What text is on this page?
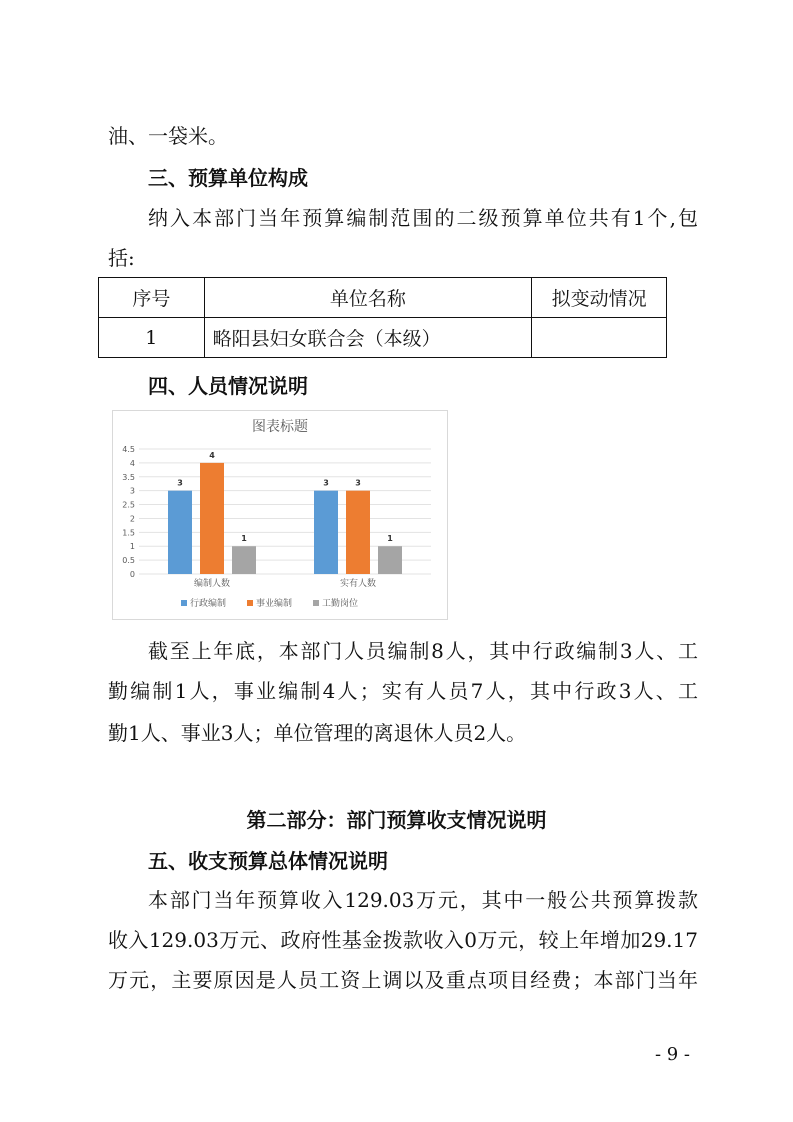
油、一袋米。
三、预算单位构成
纳入本部门当年预算编制范围的二级预算单位共有1个,包
括:
序号	单位名称	拟变动情况
1	略阳县妇女联合会（本级）	
四、人员情况说明
图表标题
0
0.5
1
1.5
2
2.5
3
3.5
4
4.5
3
4
1
编制人数
3	3
1
实有人数
行政编制	事业编制	工勤岗位
截至上年底，本部门人员编制8人，其中行政编制3人、工
勤编制1人，事业编制4人；实有人员7人，其中行政3人、工
勤1人、事业3人；单位管理的离退休人员2人。
第二部分：部门预算收支情况说明
五、收支预算总体情况说明
本部门当年预算收入129.03万元，其中一般公共预算拨款
收入129.03万元、政府性基金拨款收入0万元，较上年增加29.17
万元，主要原因是人员工资上调以及重点项目经费；本部门当年
- 9 -
